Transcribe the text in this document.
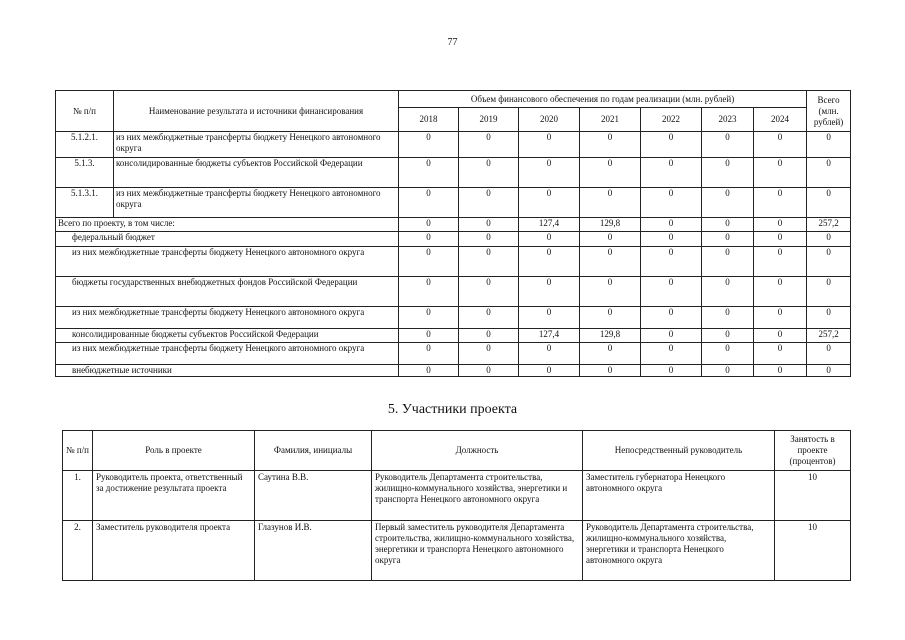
77
№ п/п	Наименование результата и источники финансирования	Объем финансового обеспечения по годам реализации (млн. рублей)							Всего (млн. рублей)
		2018	2019	2020	2021	2022	2023	2024	
5.1.2.1.	из них межбюджетные трансферты бюджету Ненецкого автономного округа	0	0	0	0	0	0	0	0
5.1.3.	консолидированные бюджеты субъектов Российской Федерации	0	0	0	0	0	0	0	0
5.1.3.1.	из них межбюджетные трансферты бюджету Ненецкого автономного округа	0	0	0	0	0	0	0	0
Всего по проекту, в том числе:		0	0	127,4	129,8	0	0	0	257,2
федеральный бюджет		0	0	0	0	0	0	0	0
из них межбюджетные трансферты бюджету Ненецкого автономного округа		0	0	0	0	0	0	0	0
бюджеты государственных внебюджетных фондов Российской Федерации		0	0	0	0	0	0	0	0
из них межбюджетные трансферты бюджету Ненецкого автономного округа		0	0	0	0	0	0	0	0
консолидированные бюджеты субъектов Российской Федерации		0	0	127,4	129,8	0	0	0	257,2
из них межбюджетные трансферты бюджету Ненецкого автономного округа		0	0	0	0	0	0	0	0
внебюджетные источники		0	0	0	0	0	0	0	0
5. Участники проекта
№ п/п	Роль в проекте	Фамилия, инициалы	Должность	Непосредственный руководитель	Занятость в проекте (процентов)
1.	Руководитель проекта, ответственный за достижение результата проекта	Саутина В.В.	Руководитель Департамента строительства, жилищно-коммунального хозяйства, энергетики и транспорта Ненецкого автономного округа	Заместитель губернатора Ненецкого автономного округа	10
2.	Заместитель руководителя проекта	Глазунов И.В.	Первый заместитель руководителя Департамента строительства, жилищно-коммунального хозяйства, энергетики и транспорта Ненецкого автономного округа	Руководитель Департамента строительства, жилищно-коммунального хозяйства, энергетики и транспорта Ненецкого автономного округа	10
